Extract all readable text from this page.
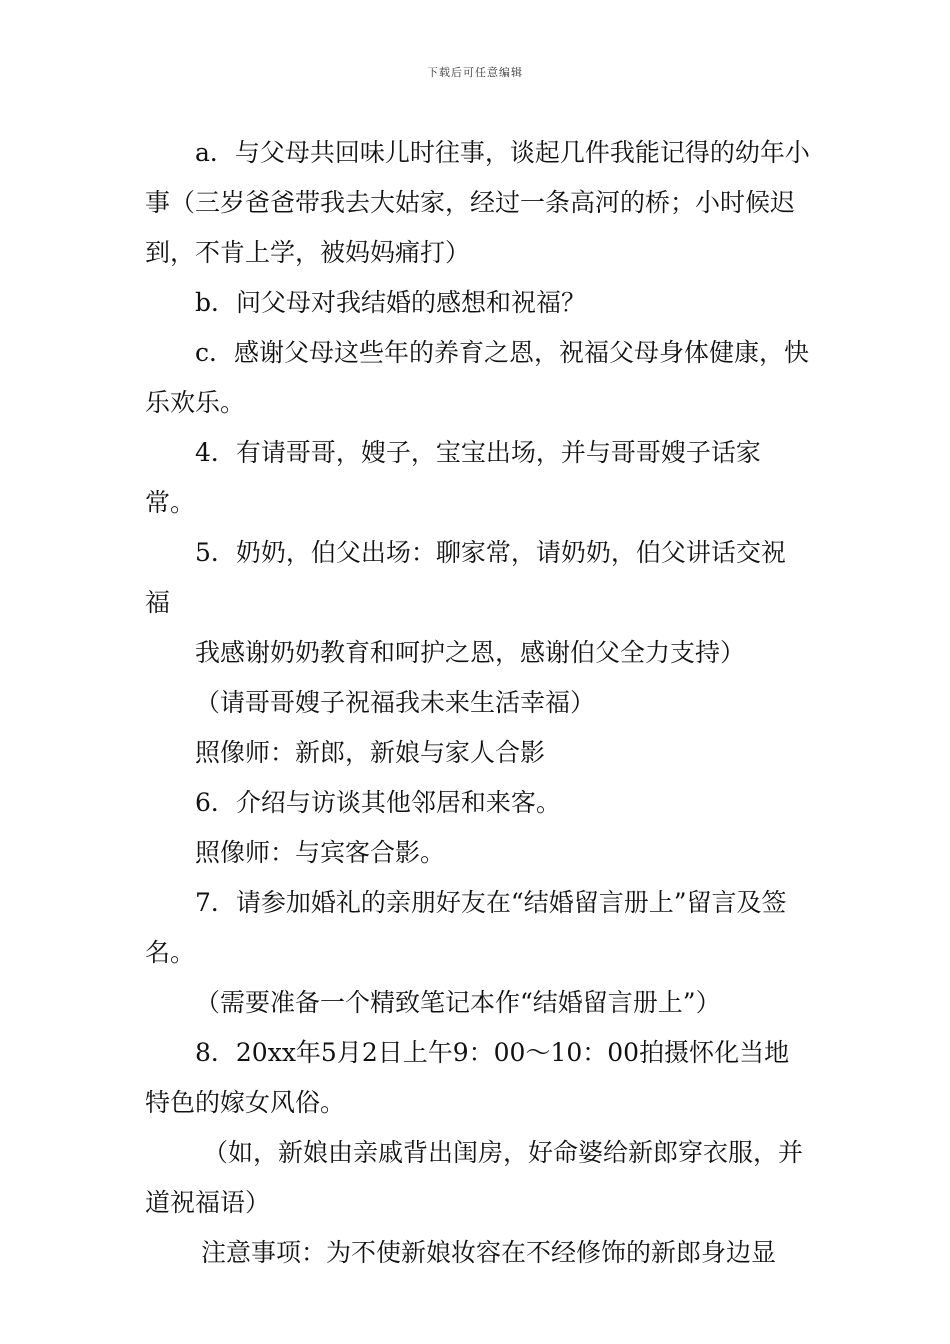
下载后可任意编辑

a．与父母共回味儿时往事，谈起几件我能记得的幼年小事（三岁爸爸带我去大姑家，经过一条高河的桥；小时候迟到，不肯上学，被妈妈痛打）

b．问父母对我结婚的感想和祝福？

c．感谢父母这些年的养育之恩，祝福父母身体健康，快乐欢乐。

4．有请哥哥，嫂子，宝宝出场，并与哥哥嫂子话家常。

5．奶奶，伯父出场：聊家常，请奶奶，伯父讲话交祝福

我感谢奶奶教育和呵护之恩，感谢伯父全力支持）

（请哥哥嫂子祝福我未来生活幸福）

照像师：新郎，新娘与家人合影

6．介绍与访谈其他邻居和来客。

照像师：与宾客合影。

7．请参加婚礼的亲朋好友在“结婚留言册上”留言及签名。

（需要准备一个精致笔记本作“结婚留言册上”）

8．20xx年5月2日上午9：00～10：00拍摄怀化当地特色的嫁女风俗。

（如，新娘由亲戚背出闺房，好命婆给新郎穿衣服，并道祝福语）

注意事项：为不使新娘妆容在不经修饰的新郎身边显
